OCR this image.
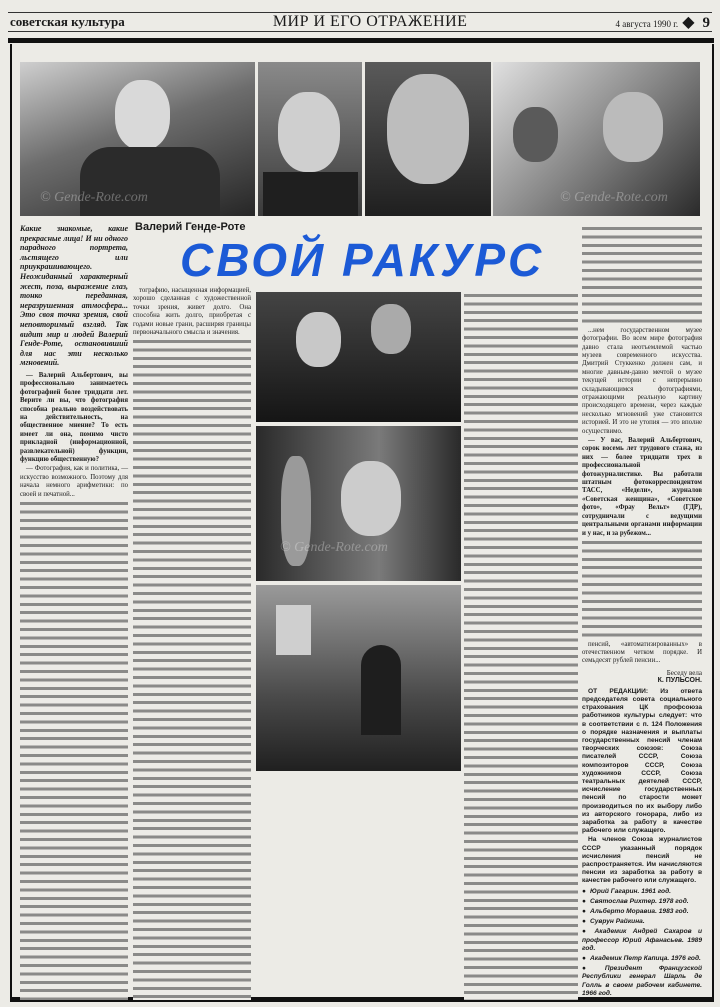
советская культура	МИР И ЕГО ОТРАЖЕНИЕ	4 августа 1990 г. ◆ 9
Валерий Генде-Роте
СВОЙ РАКУРС
Какие знакомые, какие прекрасные лица! И ни одного парадного портрета, льстящего или приукрашивающего. Неожиданный характерный жест, поза, выражение глаз, тонко переданная, неразрушенная атмосфера... Это своя точка зрения, свой неповторимый взгляд. Так видит мир и людей Валерий Генде-Роте, остановивший для нас эти несколько мгновений.

— Валерий Альбертович, вы профессионально занимаетесь фотографией более тридцати лет. Верите ли вы, что фотография способна реально воздействовать на действительность, на общественное мнение? То есть имеет ли она, помимо чисто прикладной (информационной, развлекательной) функции, функцию общественную?

— Фотография, как и политика, — искусство возможного. Поэтому для начала немного арифметики: по своей и печатной...

тографию, насыщенная информацией, хорошо сделанная с художественной точки зрения, живет долго. Она способна жить долго, приобретая с годами новые грани, расширяя границы первоначального смысла и значения.	...нем государственном музее фотографии. Во всем мире фотография давно стала неотъемлемой частью музеев современного искусства. Дмитрий Стуккенко должен сам, и многие давным-давно мечтой о музее текущей истории с непрерывно складывающимся фотографиями, отражающими реальную картину происходящего времени, через каждые несколько мгновений уже становится историей. И это не утопия — это вполне осуществимо.

— У вас, Валерий Альбертович, сорок восемь лет трудового стажа, из них — более тридцати трех в профессиональной фотожурналистике. Вы работали штатным фотокорреспондентом ТАСС, «Недели», журналов «Советская женщина», «Советское фото», «Фрау Вельт» (ГДР), сотрудничали с ведущими центральными органами информации и у нас, и за рубежом...

пенсий, «автоматизированных» в отечественном четком порядке. И семьдесят рублей пенсии...

Беседу вела
К. ПУЛЬСОН.

ОТ РЕДАКЦИИ: Из ответа председателя совета социального страхования ЦК профсоюза работников культуры следует: что в соответствии с п. 124 Положения о порядке назначения и выплаты государственных пенсий членам творческих союзов: Союза писателей СССР, Союза композиторов СССР, Союза художников СССР, Союза театральных деятелей СССР, исчисление государственных пенсий по старости может производиться по их выбору либо из авторского гонорара, либо из заработка за работу в качестве рабочего или служащего.

На членов Союза журналистов СССР указанный порядок исчисления пенсий не распространяется. Им начисляются пенсии из заработка за работу в качестве рабочего или служащего.

● Юрий Гагарин. 1961 год.
● Святослав Рихтер. 1978 год.
● Альберто Моравиа. 1983 год.
● Суврун Райкина.
● Академик Андрей Сахаров и профессор Юрий Афанасьев. 1989 год.
● Академик Петр Капица. 1976 год.
● Президент Французской Республики генерал Шарль де Голль в своем рабочем кабинете. 1966 год.
© Gende-Rote.com
© Gende-Rote.com
© Gende-Rote.com
